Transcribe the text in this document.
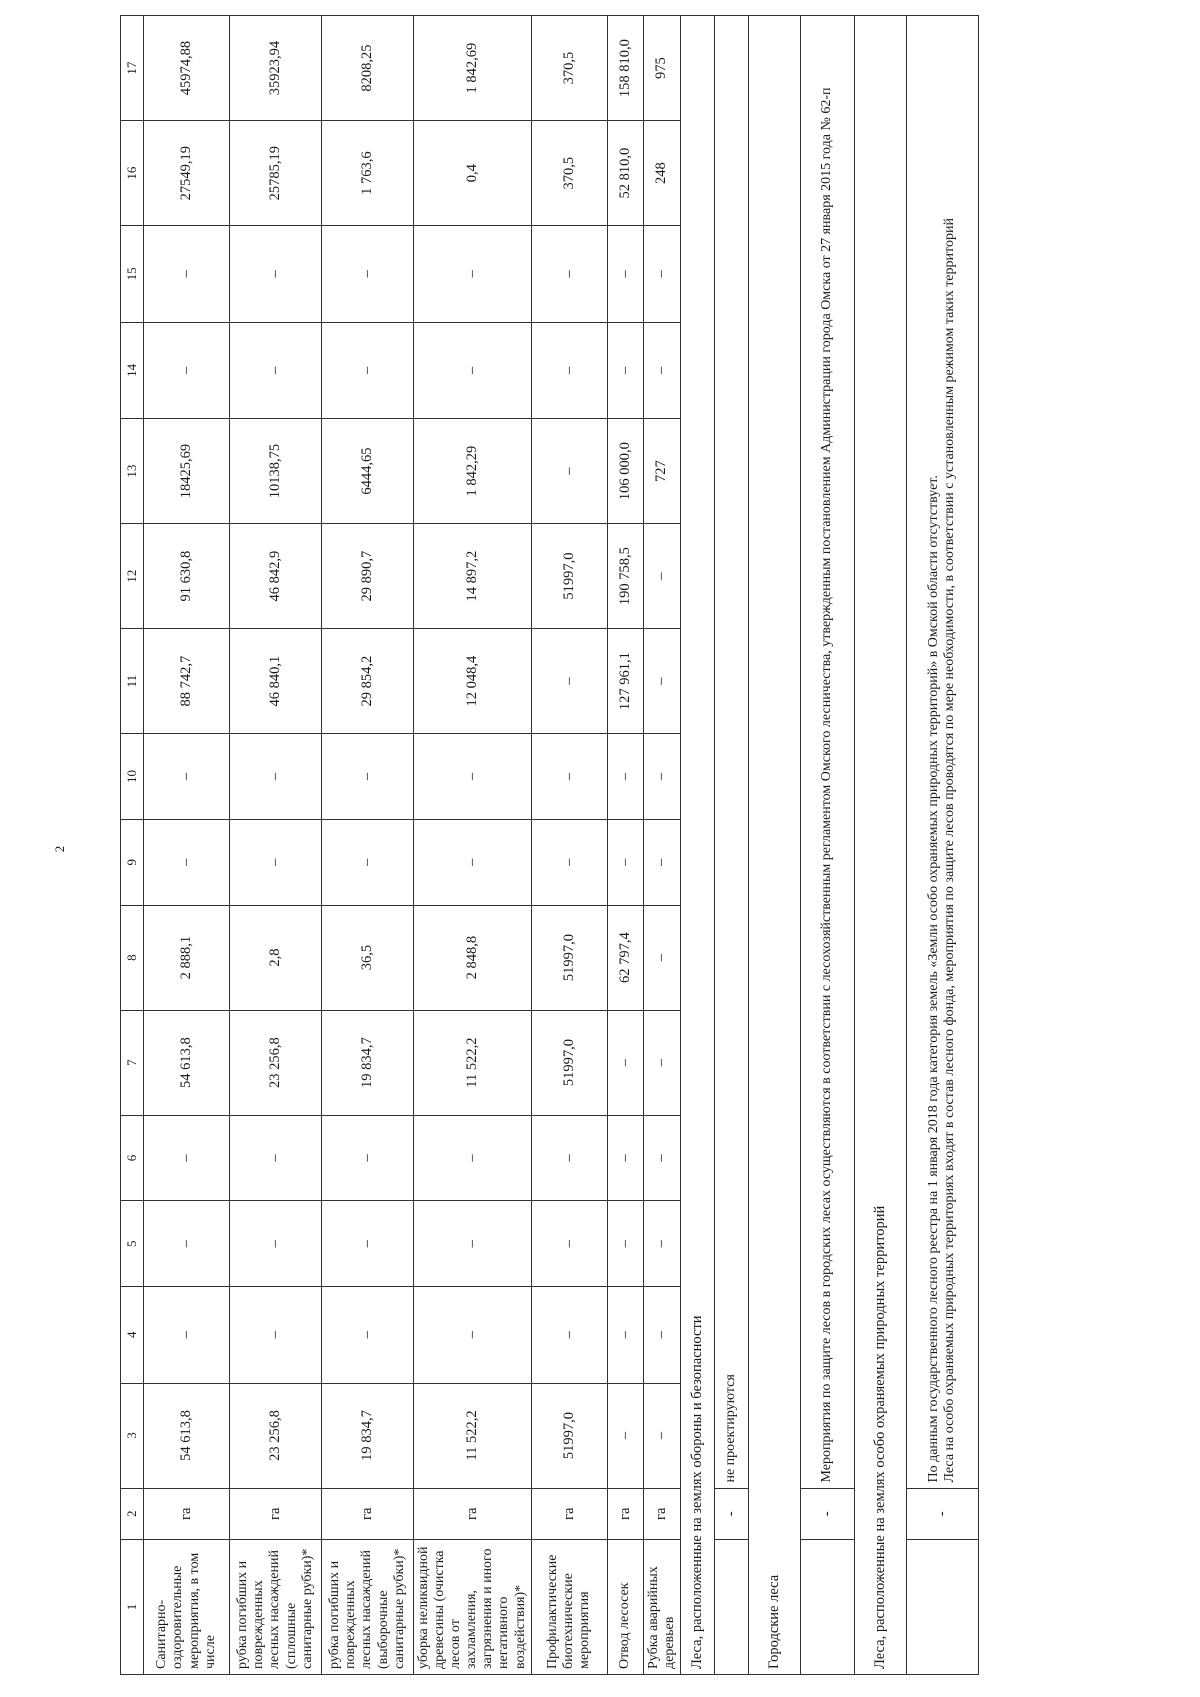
2
1	2	3	4	5	6	7	8	9	10	11	12	13	14	15	16	17
Санитарно-оздоровительные мероприятия, в том числе	га	54 613,8	–	–	–	54 613,8	2 888,1	–	–	88 742,7	91 630,8	18425,69	–	–	27549,19	45974,88
рубка погибших и поврежденных лесных насаждений (сплошные санитарные рубки)*	га	23 256,8	–	–	–	23 256,8	2,8	–	–	46 840,1	46 842,9	10138,75	–	–	25785,19	35923,94
рубка погибших и поврежденных лесных насаждений (выборочные санитарные рубки)*	га	19 834,7	–	–	–	19 834,7	36,5	–	–	29 854,2	29 890,7	6444,65	–	–	1 763,6	8208,25
уборка неликвидной древесины (очистка лесов от захламления, загрязнения и иного негативного воздействия)*	га	11 522,2	–	–	–	11 522,2	2 848,8	–	–	12 048,4	14 897,2	1 842,29	–	–	0,4	1 842,69
Профилактические биотехнические мероприятия	га	51997,0	–	–	–	51997,0	51997,0	–	–	–	51997,0	–	–	–	370,5	370,5
Отвод лесосек	га	–	–	–	–	–	62 797,4	–	–	127 961,1	190 758,5	106 000,0	–	–	52 810,0	158 810,0
Рубка аварийных деревьев	га	–	–	–	–	–	–	–	–	–	–	727	–	–	248	975
Леса, расположенные на землях обороны и безопасности																
	-	не проектируются														

Городские леса																
	-	Мероприятия по защите лесов в городских лесах осуществляются в соответствии с лесохозяйственным регламентом Омского лесничества, утвержденным постановлением Администрации города Омска от 27 января 2015 года № 62-п														

Леса, расположенные на землях особо охраняемых природных территорий																
	-	По данным государственного лесного реестра на 1 января 2018 года категория земель «Земли особо охраняемых природных территорий» в Омской области отсутствует. Леса на особо охраняемых природных территориях входят в состав лесного фонда, мероприятия по защите лесов проводятся по мере необходимости, в соответствии с установленным режимом таких территорий														
